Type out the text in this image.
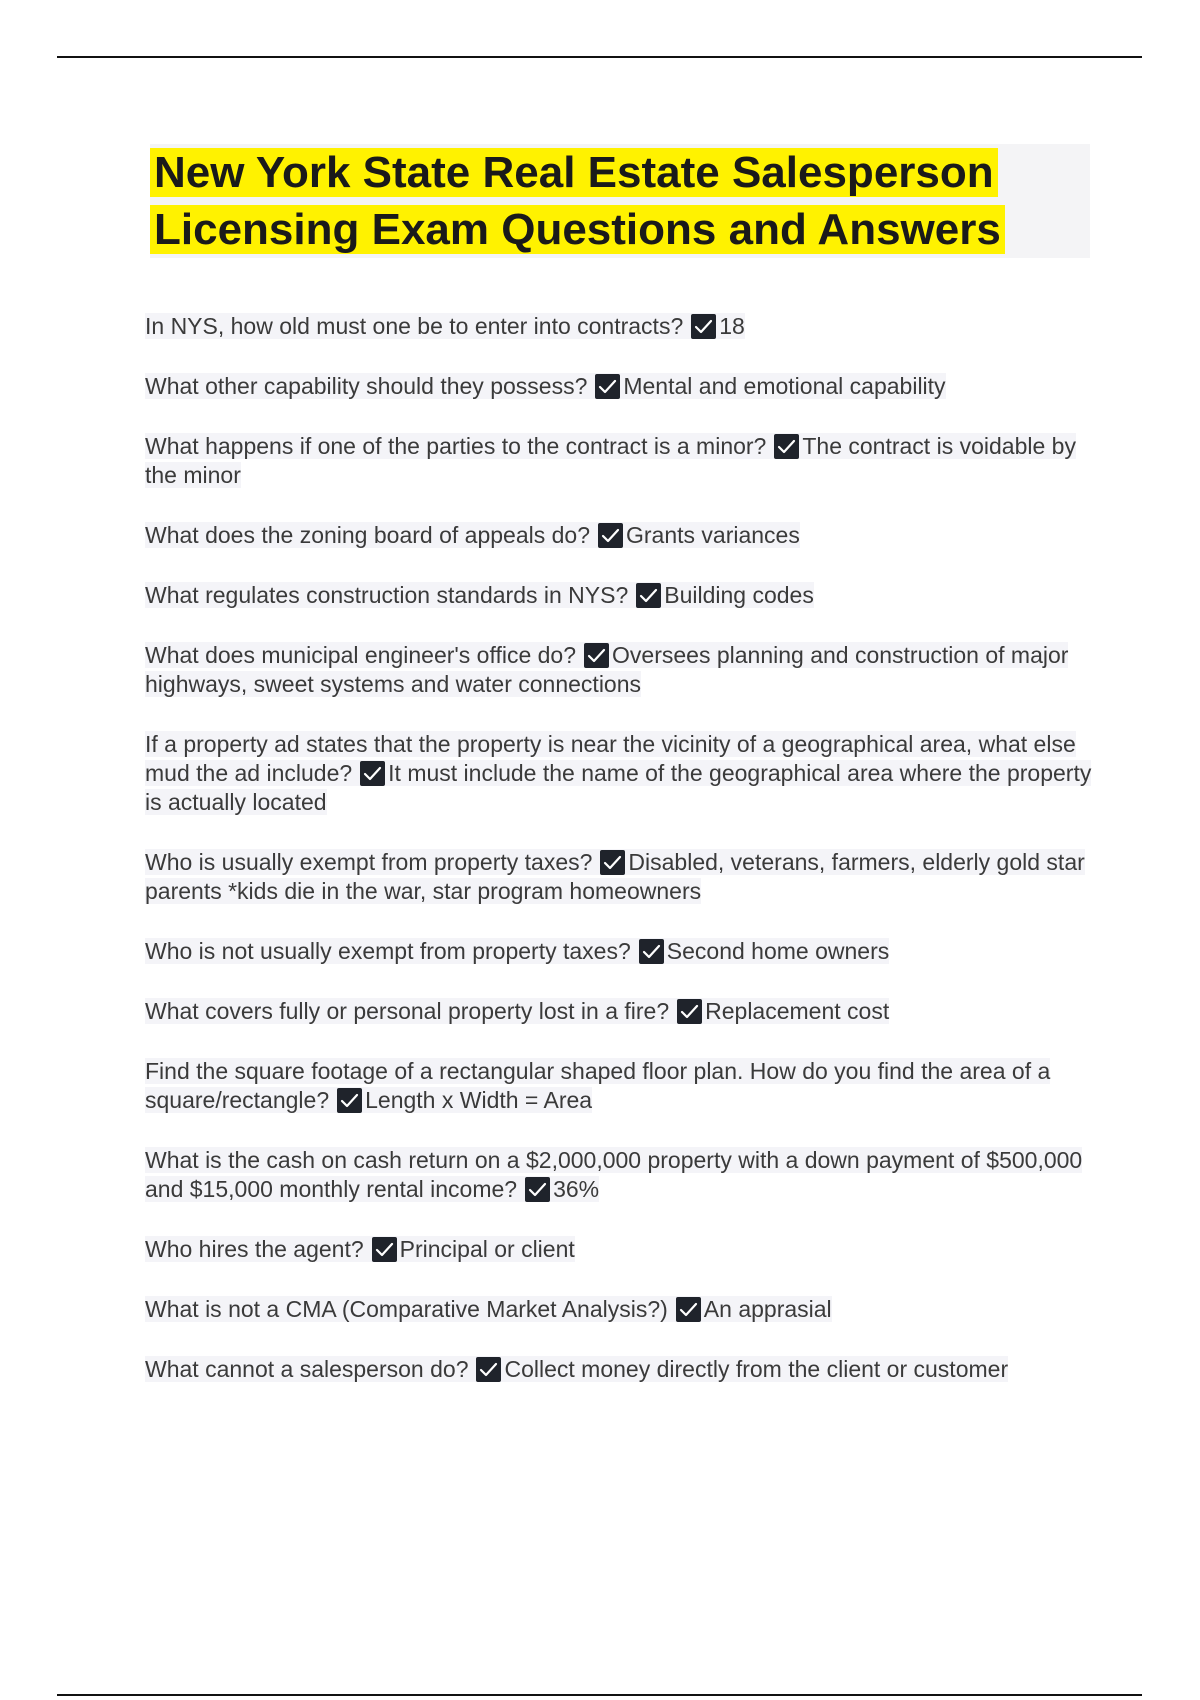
New York State Real Estate Salesperson
Licensing Exam Questions and Answers

In NYS, how old must one be to enter into contracts? 18

What other capability should they possess? Mental and emotional capability

What happens if one of the parties to the contract is a minor? The contract is voidable by the minor

What does the zoning board of appeals do? Grants variances

What regulates construction standards in NYS? Building codes

What does municipal engineer's office do? Oversees planning and construction of major highways, sweet systems and water connections

If a property ad states that the property is near the vicinity of a geographical area, what else mud the ad include? It must include the name of the geographical area where the property is actually located

Who is usually exempt from property taxes? Disabled, veterans, farmers, elderly gold star parents *kids die in the war, star program homeowners

Who is not usually exempt from property taxes? Second home owners

What covers fully or personal property lost in a fire? Replacement cost

Find the square footage of a rectangular shaped floor plan. How do you find the area of a square/rectangle? Length x Width = Area

What is the cash on cash return on a $2,000,000 property with a down payment of $500,000 and $15,000 monthly rental income? 36%

Who hires the agent? Principal or client

What is not a CMA (Comparative Market Analysis?) An apprasial

What cannot a salesperson do? Collect money directly from the client or customer
